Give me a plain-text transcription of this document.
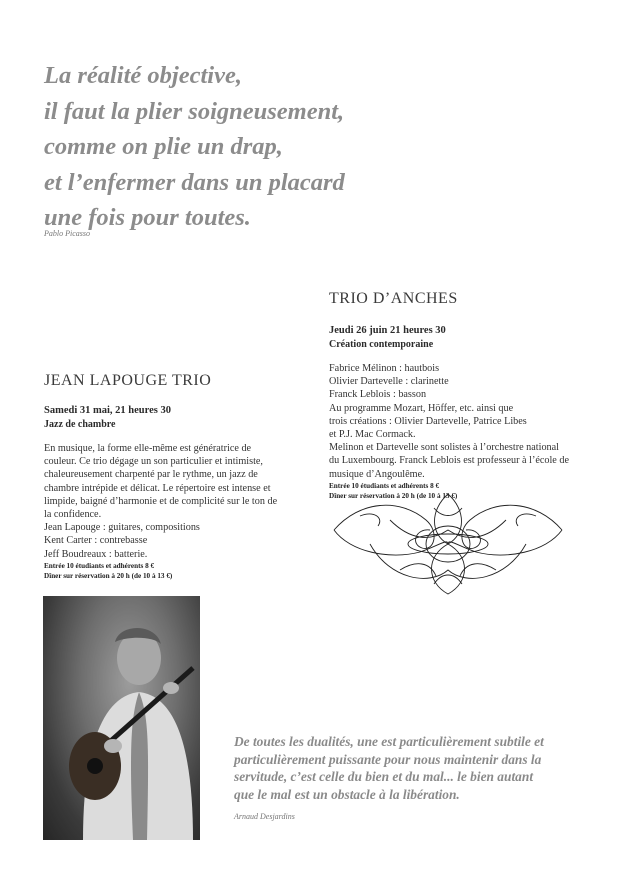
La réalité objective,
il faut la plier soigneusement,
comme on plie un drap,
et l’enfermer dans un placard
une fois pour toutes.
Pablo Picasso
TRIO D’ANCHES
Jeudi 26 juin 21 heures 30
Création contemporaine
Fabrice Mélinon : hautbois
Olivier Dartevelle : clarinette
Franck Leblois : basson
Au programme Mozart, Höffer, etc. ainsi que
trois créations : Olivier Dartevelle, Patrice Libes
et P.J. Mac Cormack.
Melinon et Dartevelle sont solistes à l’orchestre national
du Luxembourg. Franck Leblois est professeur à l’école de
musique d’Angoulême.
Entrée 10 étudiants et adhérents 8 €
Dîner sur réservation à 20 h (de 10 à 13 €)
JEAN LAPOUGE TRIO
Samedi 31 mai, 21 heures 30
Jazz de chambre
En musique, la forme elle-même est génératrice de
couleur. Ce trio dégage un son particulier et intimiste,
chaleureusement charpenté par le rythme, un jazz de
chambre intrépide et délicat. Le répertoire est intense et
limpide, baigné d’harmonie et de complicité sur le ton de
la confidence.
Jean Lapouge : guitares, compositions
Kent Carter : contrebasse
Jeff Boudreaux : batterie.
Entrée 10 étudiants et adhérents 8 €
Dîner sur réservation à 20 h (de 10 à 13 €)
De toutes les dualités, une est particulièrement subtile et
particulièrement puissante pour nous maintenir dans la
servitude, c’est celle du bien et du mal... le bien autant
que le mal est un obstacle à la libération.
Arnaud Desjardins
